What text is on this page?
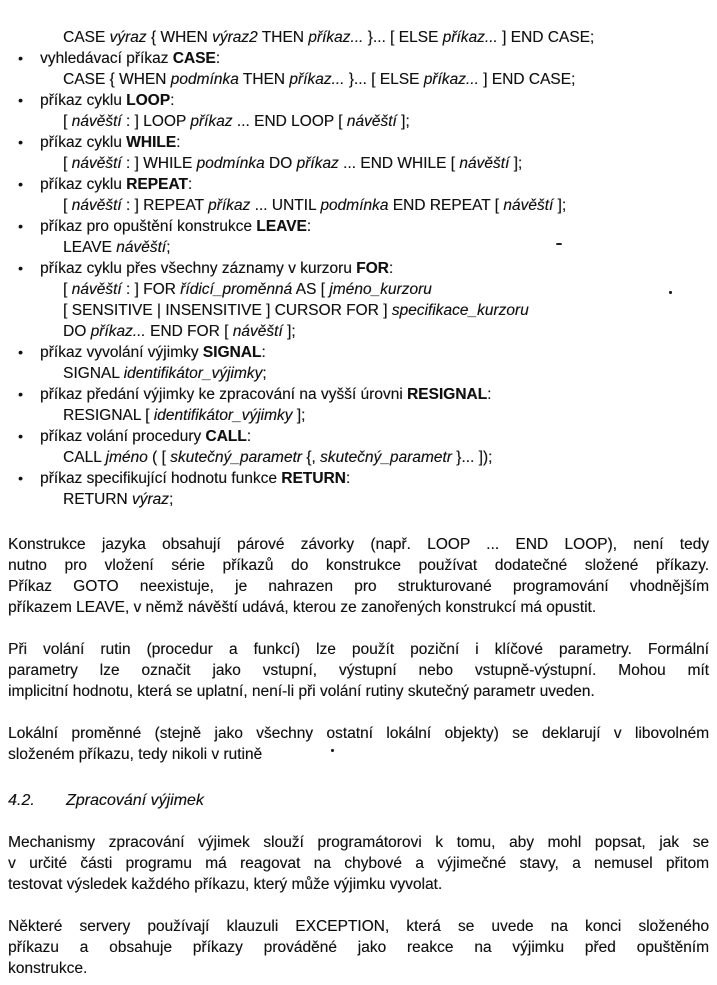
CASE výraz { WHEN výraz2 THEN příkaz... }... [ ELSE příkaz... ] END CASE;
• vyhledávací příkaz CASE:
CASE { WHEN podmínka THEN příkaz... }... [ ELSE příkaz... ] END CASE;
• příkaz cyklu LOOP:
[ návěští : ] LOOP příkaz ... END LOOP [ návěští ];
• příkaz cyklu WHILE:
[ návěští : ] WHILE podmínka DO příkaz ... END WHILE [ návěští ];
• příkaz cyklu REPEAT:
[ návěští : ] REPEAT příkaz ... UNTIL podmínka END REPEAT [ návěští ];
• příkaz pro opuštění konstrukce LEAVE:
LEAVE návěští;
• příkaz cyklu přes všechny záznamy v kurzoru FOR:
[ návěští : ] FOR řídicí_proměnná AS [ jméno_kurzoru
[ SENSITIVE | INSENSITIVE ] CURSOR FOR ] specifikace_kurzoru
DO příkaz... END FOR [ návěští ];
• příkaz vyvolání výjimky SIGNAL:
SIGNAL identifikátor_výjimky;
• příkaz předání výjimky ke zpracování na vyšší úrovni RESIGNAL:
RESIGNAL [ identifikátor_výjimky ];
• příkaz volání procedury CALL:
CALL jméno ( [ skutečný_parametr {, skutečný_parametr }... ]);
• příkaz specifikující hodnotu funkce RETURN:
RETURN výraz;
Konstrukce jazyka obsahují párové závorky (např. LOOP ... END LOOP), není tedy
nutno pro vložení série příkazů do konstrukce používat dodatečné složené příkazy.
Příkaz GOTO neexistuje, je nahrazen pro strukturované programování vhodnějším
příkazem LEAVE, v němž návěští udává, kterou ze zanořených konstrukcí má opustit.
Při volání rutin (procedur a funkcí) lze použít poziční i klíčové parametry. Formální
parametry lze označit jako vstupní, výstupní nebo vstupně-výstupní. Mohou mít
implicitní hodnotu, která se uplatní, není-li při volání rutiny skutečný parametr uveden.
Lokální proměnné (stejně jako všechny ostatní lokální objekty) se deklarují v libovolném
složeném příkazu, tedy nikoli v rutině
4.2. Zpracování výjimek
Mechanismy zpracování výjimek slouží programátorovi k tomu, aby mohl popsat, jak se
v určité části programu má reagovat na chybové a výjimečné stavy, a nemusel přitom
testovat výsledek každého příkazu, který může výjimku vyvolat.
Některé servery používají klauzuli EXCEPTION, která se uvede na konci složeného
příkazu a obsahuje příkazy prováděné jako reakce na výjimku před opuštěním
konstrukce.
